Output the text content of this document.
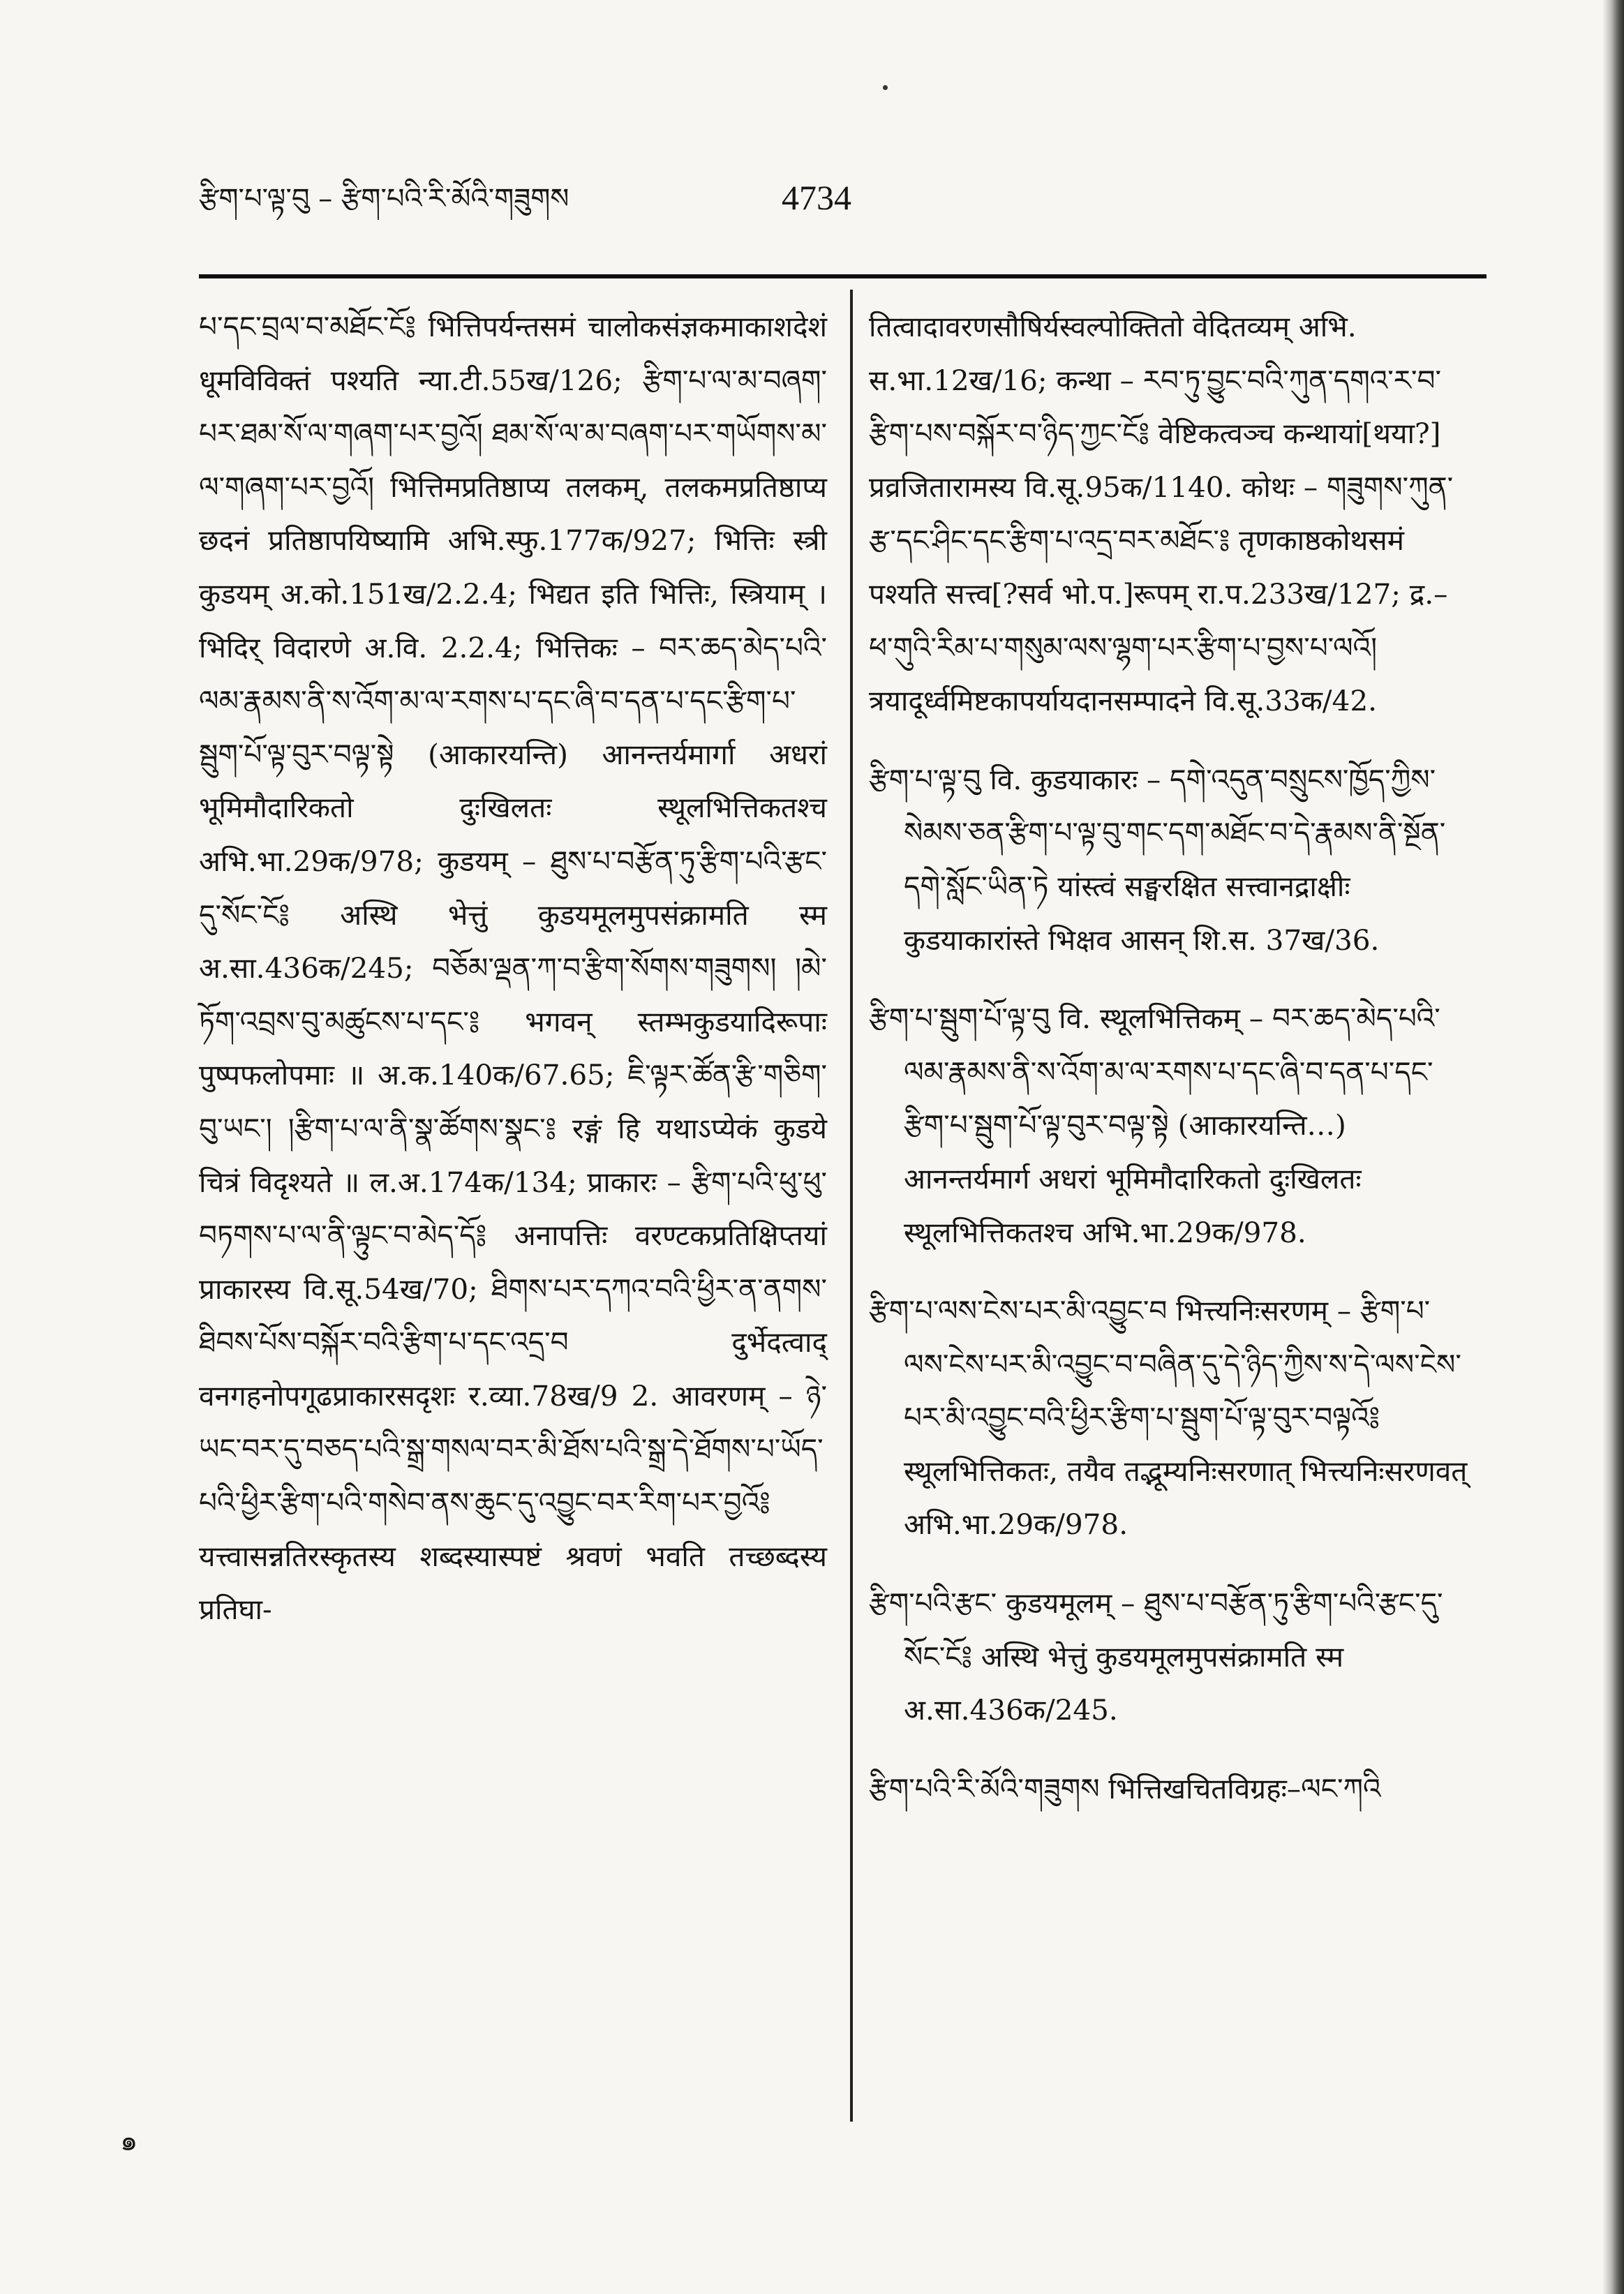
རྩིག་པ་ལྟ་བུ – རྩིག་པའི་རི་མོའི་གཟུགས	4734

པ་དང་བྲལ་བ་མཐོང་ངོ༔ भित्तिपर्यन्तसमं चालोकसंज्ञकमाकाशदेशं धूमविविक्तं पश्यति न्या.टी.55ख/126; རྩིག་པ་ལ་མ་བཞག་པར་ཐམ་སོ་ལ་གཞག་པར་བྱའོ། ཐམ་སོ་ལ་མ་བཞག་པར་གཡོགས་མ་ལ་གཞག་པར་བྱའོ། भित्तिमप्रतिष्ठाप्य तलकम्, तलकमप्रतिष्ठाप्य छदनं प्रतिष्ठापयिष्यामि अभि.स्फु.177क/927; भित्तिः स्त्री कुडयम् अ.को.151ख/2.2.4; भिद्यत इति भित्तिः, स्त्रियाम् । भिदिर् विदारणे अ.वि. 2.2.4; भित्तिकः – བར་ཆད་མེད་པའི་ལམ་རྣམས་ནི་ས་འོག་མ་ལ་རགས་པ་དང་ཞི་བ་དན་པ་དང་རྩིག་པ་སྦུག་པོ་ལྟ་བུར་བལྟ་སྟེ (आकारयन्ति) आनन्तर्यमार्गा अधरां भूमिमौदारिकतो दुःखिलतः स्थूलभित्तिकतश्च अभि.भा.29क/978; कुडयम् – ཐུས་པ་བརྩོན་ཏུ་རྩིག་པའི་རྩང་དུ་སོང་ངོ༔ अस्थि भेत्तुं कुडयमूलमुपसंक्रामति स्म अ.सा.436क/245; བཅོམ་ལྡན་ཀ་བ་རྩིག་སོགས་གཟུགས། །མེ་ཏོག་འབྲས་བུ་མཚུངས་པ་དང་༔ भगवन् स्तम्भकुडयादिरूपाः पुष्पफलोपमाः ॥ अ.क.140क/67.65; ཇི་ལྟར་ཚོན་རྩི་གཅིག་བུ་ཡང་། །རྩིག་པ་ལ་ནི་སྣ་ཚོགས་སྣང་༔ रङ्गं हि यथाऽप्येकं कुडये चित्रं विदृश्यते ॥ ल.अ.174क/134; प्राकारः – རྩིག་པའི་ཕུ་ཕུ་བཏགས་པ་ལ་ནི་ལྟུང་བ་མེད་དོ༔ अनापत्तिः वरण्टकप्रतिक्षिप्तयां प्राकारस्य वि.सू.54ख/70; ཐིགས་པར་དཀའ་བའི་ཕྱིར་ན་ནགས་ཐིབས་པོས་བསྐོར་བའི་རྩིག་པ་དང་འདྲ་བ दुर्भेदत्वाद् वनगहनोपगूढप्राकारसदृशः र.व्या.78ख/9 2. आवरणम् – ཉེ་ཡང་བར་དུ་བཅད་པའི་སྒྲ་གསལ་བར་མི་ཐོས་པའི་སྒྲ་དེ་ཐོགས་པ་ཡོད་པའི་ཕྱིར་རྩིག་པའི་གསེབ་ནས་ཆུང་དུ་འབྱུང་བར་རིག་པར་བྱའོ༔ यत्त्वासन्नतिरस्कृतस्य शब्दस्यास्पष्टं श्रवणं भवति तच्छब्दस्य प्रतिघा-

तित्वादावरणसौषिर्यस्वल्पोक्तितो वेदितव्यम् अभि. स.भा.12ख/16; कन्था – རབ་ཏུ་བྱུང་བའི་ཀུན་དགའ་ར་བ་རྩིག་པས་བསྐོར་བ་ཉིད་ཀྱང་ངོ༔ वेष्टिकत्वञ्च कन्थायां[थया?] प्रव्रजितारामस्य वि.सू.95क/1140. कोथः – གཟུགས་ཀུན་རྩ་དང་ཤིང་དང་རྩིག་པ་འདྲ་བར་མཐོང་༔ तृणकाष्ठकोथसमं पश्यति सत्त्व[?सर्व भो.प.]रूपम् रा.प.233ख/127; द्र.– ཕ་གུའི་རིམ་པ་གསུམ་ལས་ལྷག་པར་རྩིག་པ་བྱས་པ་ལའོ། त्रयादूर्ध्वमिष्टकापर्यायदानसम्पादने वि.सू.33क/42.

རྩིག་པ་ལྟ་བུ वि. कुडयाकारः – དགེ་འདུན་བསྲུངས་ཁྱོད་ཀྱིས་སེམས་ཅན་རྩིག་པ་ལྟ་བུ་གང་དག་མཐོང་བ་དེ་རྣམས་ནི་སྔོན་དགེ་སློང་ཡིན་ཏེ यांस्त्वं सङ्घरक्षित सत्त्वानद्राक्षीः कुडयाकारांस्ते भिक्षव आसन् शि.स. 37ख/36.

རྩིག་པ་སྦུག་པོ་ལྟ་བུ वि. स्थूलभित्तिकम् – བར་ཆད་མེད་པའི་ལམ་རྣམས་ནི་ས་འོག་མ་ལ་རགས་པ་དང་ཞི་བ་དན་པ་དང་རྩིག་པ་སྦུག་པོ་ལྟ་བུར་བལྟ་སྟེ (आकारयन्ति…) आनन्तर्यमार्ग अधरां भूमिमौदारिकतो दुःखिलतः स्थूलभित्तिकतश्च अभि.भा.29क/978.

རྩིག་པ་ལས་ངེས་པར་མི་འབྱུང་བ भित्त्यनिःसरणम् – རྩིག་པ་ལས་ངེས་པར་མི་འབྱུང་བ་བཞིན་དུ་དེ་ཉིད་ཀྱིས་ས་དེ་ལས་ངེས་པར་མི་འབྱུང་བའི་ཕྱིར་རྩིག་པ་སྦུག་པོ་ལྟ་བུར་བལྟའོ༔ स्थूलभित्तिकतः, तयैव तद्भूम्यनिःसरणात् भित्त्यनिःसरणवत् अभि.भा.29क/978.

རྩིག་པའི་རྩང་ कुडयमूलम् – ཐུས་པ་བརྩོན་ཏུ་རྩིག་པའི་རྩང་དུ་སོང་ངོ༔ अस्थि भेत्तुं कुडयमूलमुपसंक्रामति स्म अ.सा.436क/245.

རྩིག་པའི་རི་མོའི་གཟུགས भित्तिखचितविग्रहः–ལང་ཀའི

๑
